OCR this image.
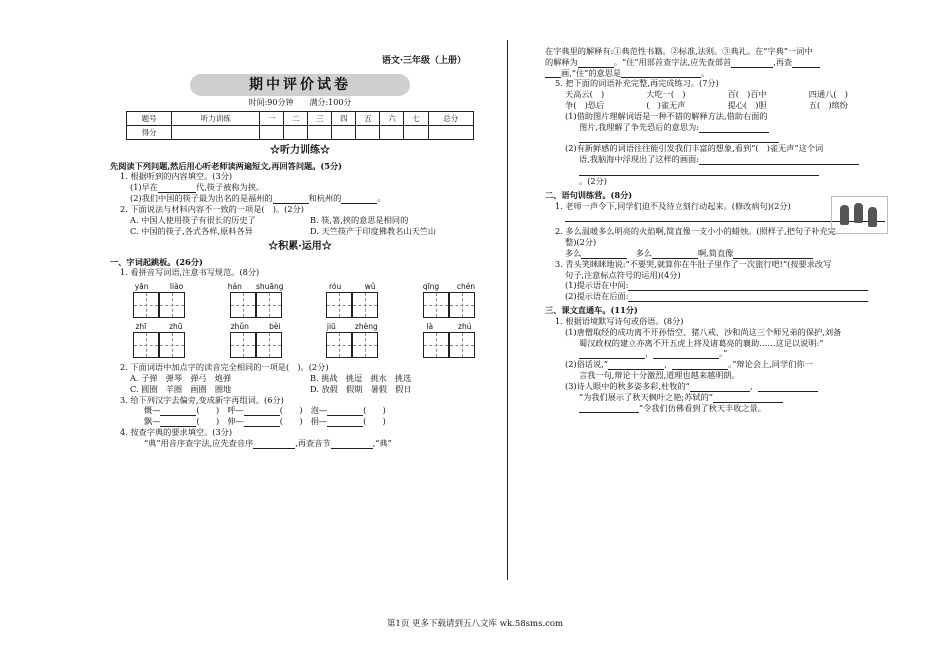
语文·三年级（上册）
期中评价试卷
时间:90分钟　　满分:100分
题号	听力训练	一	二	三	四	五	六	七	总分
得分									
☆听力训练☆
先阅读下列问题,然后用心听老师读两遍短文,再回答问题。(5分)
1. 根据听到的内容填空。(3分)
(1)早在	代,筷子被称为挟。
(2)我们中国的筷子最为出名的是福州的	和杭州的	。
2. 下面说法与材料内容不一致的一项是(　)。(2分)
A. 中国人使用筷子有很长的历史了	B. 筷,箸,挟的意思是相同的
C. 中国的筷子,各式各样,原料各异	D. 天竺筷产于印度佛教名山天竺山
☆积累·运用☆
一、字词起跳板。(26分)
1. 看拼音写词语,注意书写规范。(8分)
yān	liào	hán shuāng	róu	wǔ	qīng chén
zhī	zhū	zhǔn	bèi	jiū	zhèng	là	zhú
2. 下面词语中加点字的读音完全相同的一项是(　)。(2分)
A. 子弹　弹琴　弹弓　炮弹	B. 挑战　挑逗　挑水　挑选
C. 圆圈　羊圈　画圈　圈地	D. 放假　假期　暑假　假日
3. 给下列汉字去偏旁,变成新字再组词。(6分)
慨—	(　　)　 呼—	(　　)　 泡—	(　　)
飘—	(　　)　 伸—	(　　)　 捐—	(　　)
4. 按查字典的要求填空。(3分)
“典”用音序查字法,应先查音序	,再查音节	,“典”
在字典里的解释有:①典范性书籍。②标准,法则。③典礼。在“字典”一词中
的解释为	。“住”用部首查字法,应先查部首	,再查
画,“住”的意思是	。
5. 把下面的词语补充完整,再完成练习。(7分)
天高云(　)	大吃一(　)	百(　)百中	四通八(　)
争(　)恐后	(　)雀无声	提心(　)胆	五(　)缤纷
(1)借助图片理解词语是一种不错的解释方法,借助右面的
图片,我理解了争先恐后的意思为:
(2)有新鲜感的词语往往能引发我们丰富的想象,看到“(　)雀无声”这个词
语,我脑海中浮现出了这样的画面:
。(2分)
二、语句训练营。(8分)
1. 老师一声令下,同学们迫不及待立刻行动起来。(修改病句)(2分)
2. 多么温暖多么明亮的火焰啊,简直像一支小小的蜡烛。(照样子,把句子补充完
整)(2分)
多么　	多么	啊,简直像
3. 青头笑眯眯地说:“不要哭,就算你在牛肚子里作了一次旅行吧!”(按要求改写
句子,注意标点符号的运用)(4分)
(1)提示语在中间:
(2)提示语在后面:
三、课文直通车。(11分)
1. 根据语境默写诗句或俗语。(8分)
(1)唐僧取经的成功离不开孙悟空、猪八戒、沙和尚这三个师兄弟的保护,刘备
蜀汉政权的建立亦离不开五虎上将及诸葛亮的襄助……这足以说明:“
，	。”
(2)俗话说,“	，	。”辩论会上,同学们你一
言我一句,辩论十分激烈,道理也越来越明朗。
(3)诗人眼中的秋多姿多彩,杜牧的“	，
”为我们展示了秋天枫叶之艳;苏轼的“
”令我们仿佛看到了秋天丰收之景。
第1页 更多下载请到五八文库 wk.58sms.com
